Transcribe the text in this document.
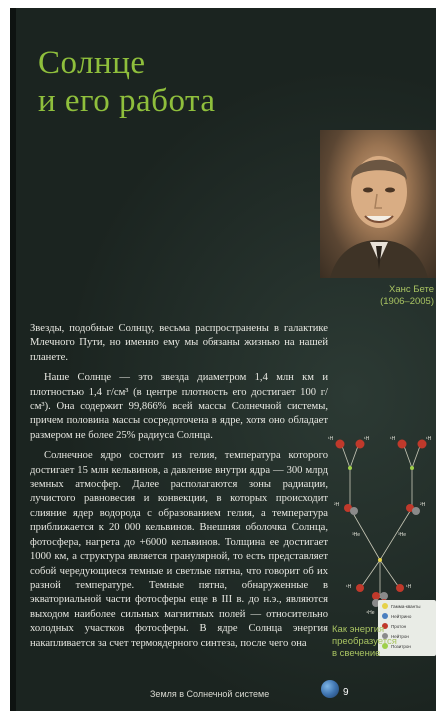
Солнце
и его работа

Ханс Бете
(1906–2005)

Звезды, подобные Солнцу, весьма распространены в галактике Млечного Пути, но именно ему мы обязаны жизнью на нашей планете.

Наше Солнце — это звезда диаметром 1,4 млн км и плотностью 1,4 г/см³ (в центре плотность его достигает 100 г/см³). Она содержит 99,866% всей массы Солнечной системы, причем половина массы сосредоточена в ядре, хотя оно обладает размером не более 25% радиуса Солнца.

Солнечное ядро состоит из гелия, температура которого достигает 15 млн кельвинов, а давление внутри ядра — 300 млрд земных атмосфер. Далее располагаются зоны радиации, лучистого равновесия и конвекции, в которых происходит слияние ядер водорода с образованием гелия, а температура приближается к 20 000 кельвинов. Внешняя оболочка Солнца, фотосфера, нагрета до +6000 кельвинов. Толщина ее достигает 1000 км, а структура является гранулярной, то есть представляет собой чередующиеся темные и светлые пятна, что говорит об их разной температуре. Темные пятна, обнаруженные в экваториальной части фотосферы еще в III в. до н.э., являются выходом наиболее сильных магнитных полей — относительно холодных участков фотосферы. В ядре Солнца энергия накапливается за счет термоядерного синтеза, после чего она

¹H	¹H	¹H	¹H
²H	²H
³He	³He
⁴He
¹H	¹H
Гамма-кванты
Нейтрино
Протон
Нейтрон
Позитрон

Как энергия
преобразуется
в свечение

Земля в Солнечной системе	9
